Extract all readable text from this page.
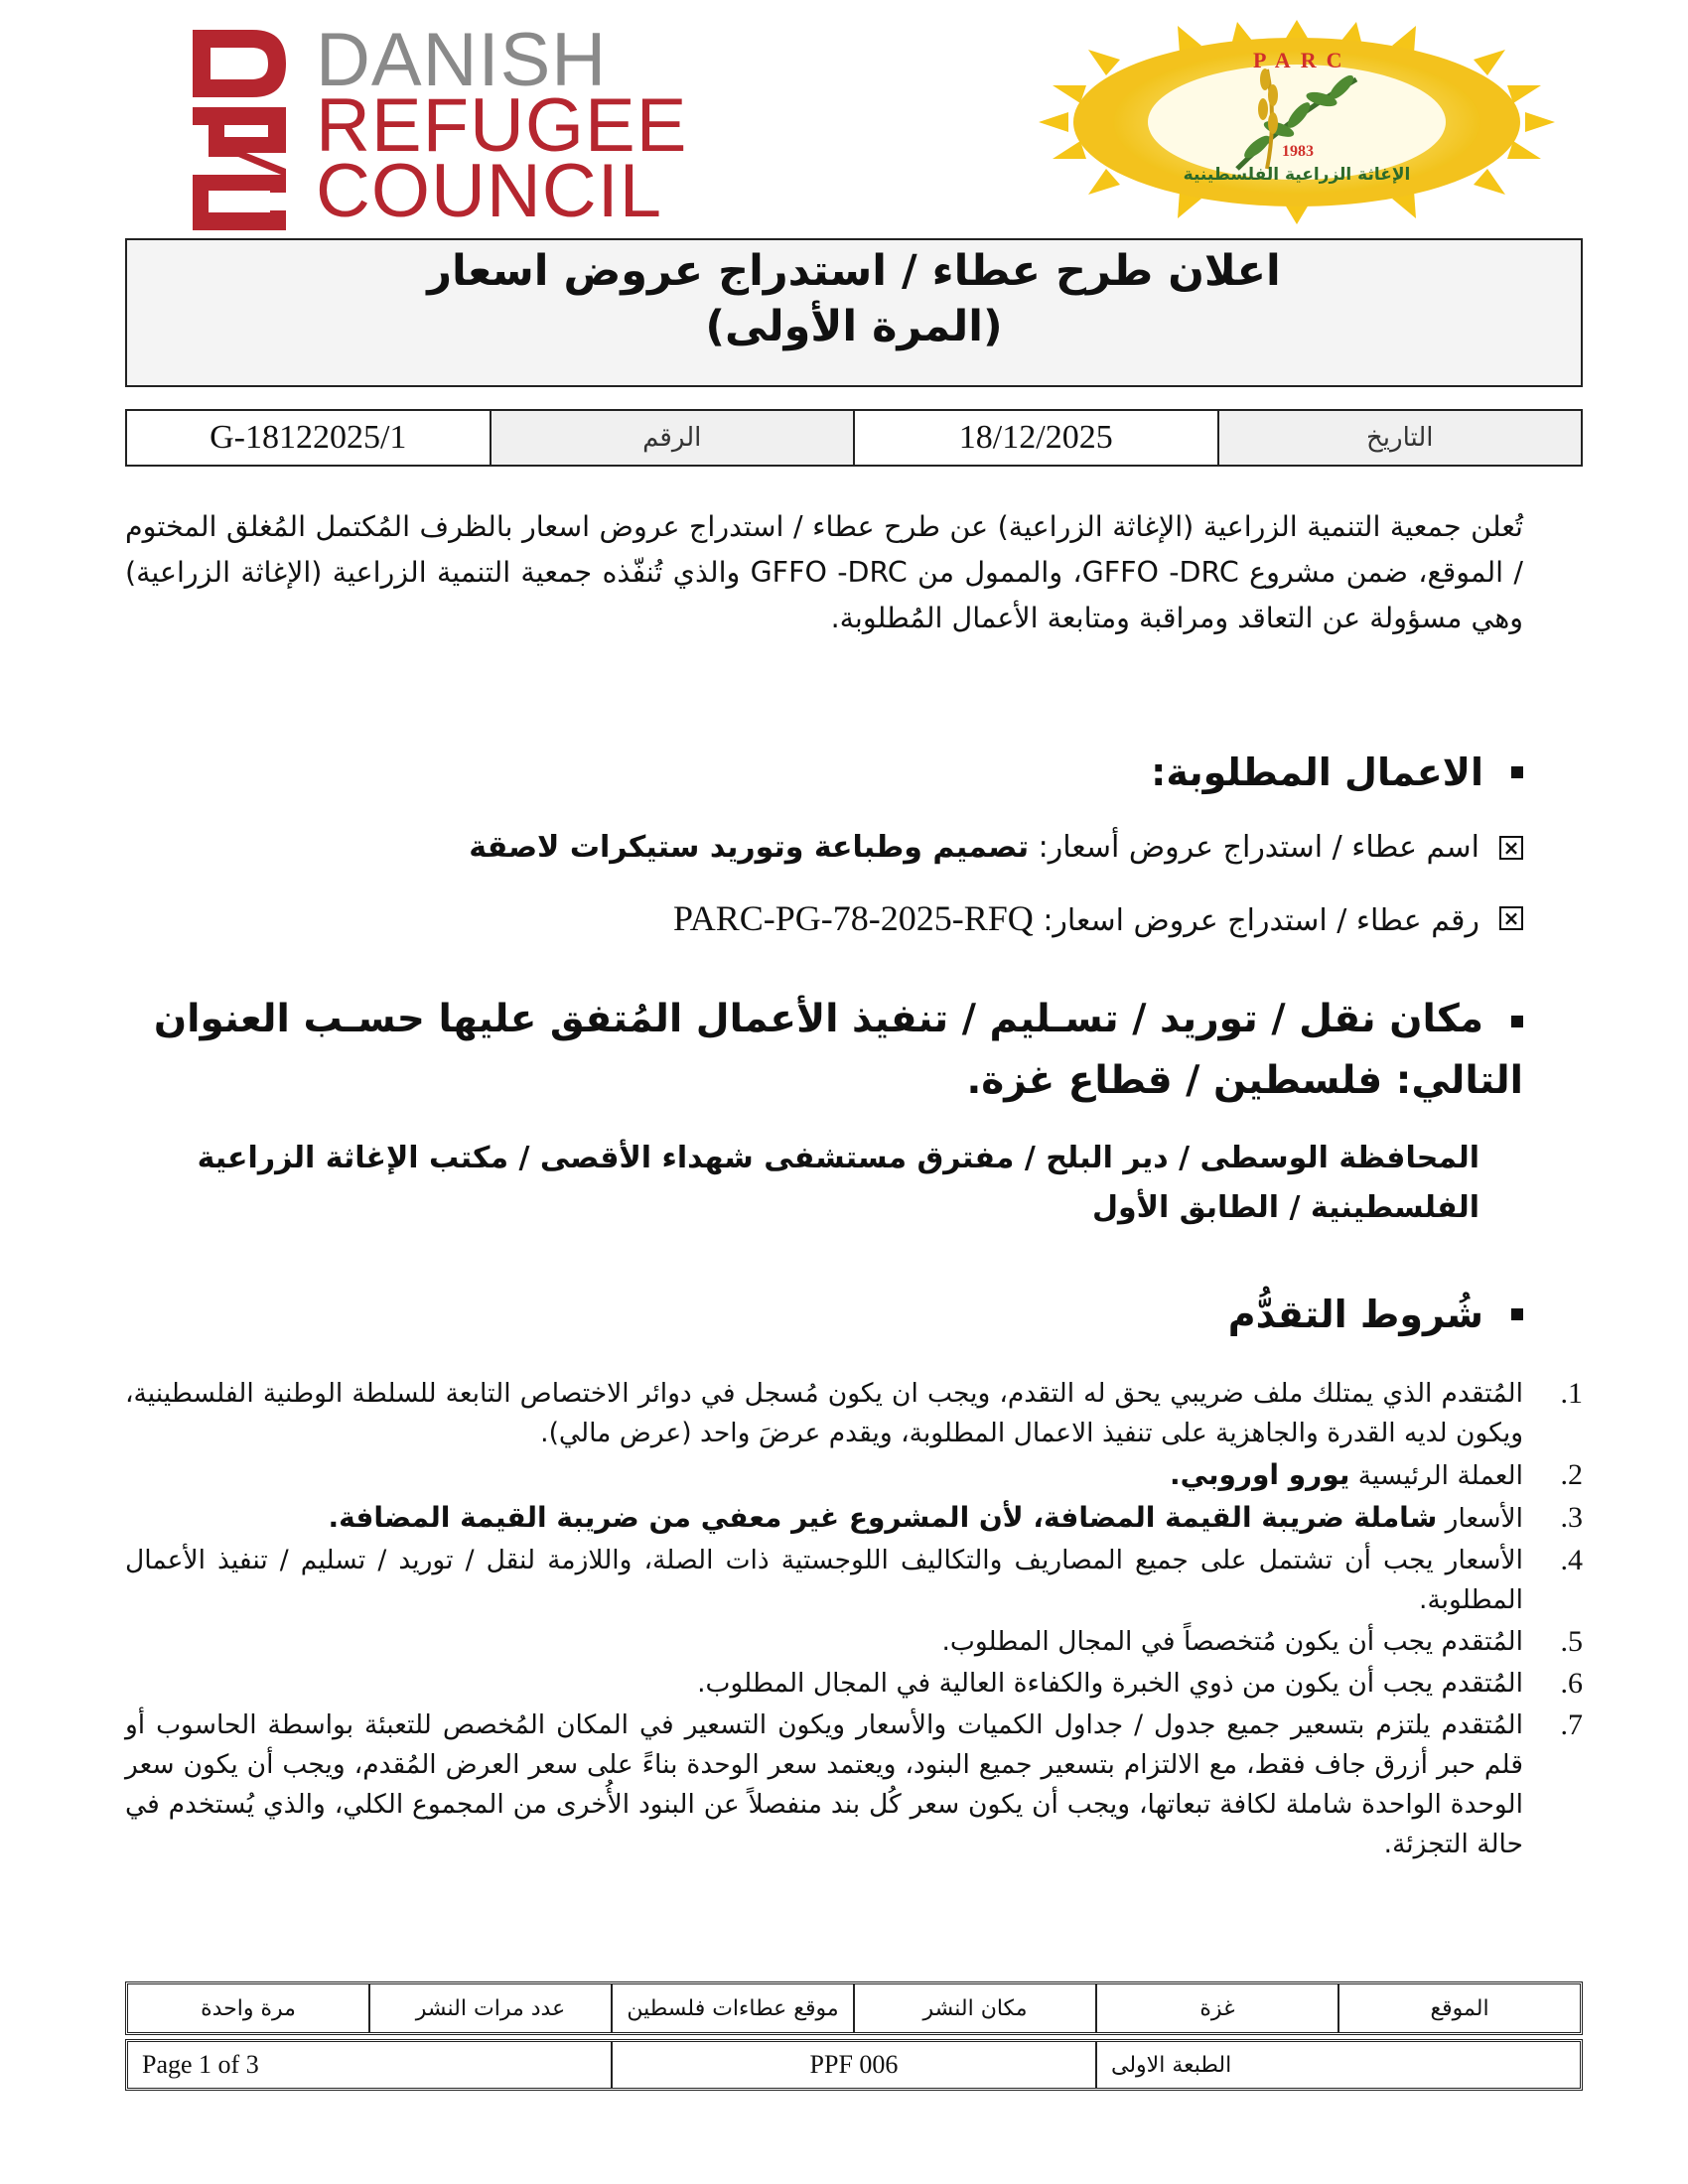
DANISH
REFUGEE
COUNCIL
PARC
الإغاثة الزراعية الفلسطينية
1983
اعلان طرح عطاء / استدراج عروض اسعار
(المرة الأولى)
التاريخ
18/12/2025
الرقم
G-18122025/1

تُعلن جمعية التنمية الزراعية (الإغاثة الزراعية) عن طرح عطاء / استدراج عروض اسعار بالظرف المُكتمل المُغلق المختوم / الموقع، ضمن مشروع GFFO -DRC، والممول من GFFO -DRC والذي تُنفّذه جمعية التنمية الزراعية (الإغاثة الزراعية) وهي مسؤولة عن التعاقد ومراقبة ومتابعة الأعمال المُطلوبة.

الاعمال المطلوبة:
×
اسم عطاء / استدراج عروض أسعار: تصميم وطباعة وتوريد ستيكرات لاصقة
×
رقم عطاء / استدراج عروض اسعار: PARC-PG-78-2025-RFQ
مكان نقل / توريد / تسـليم / تنفيذ الأعمال المُتفق عليها حسـب العنوان التالي: فلسطين / قطاع غزة.
المحافظة الوسطى / دير البلح / مفترق مستشفى شهداء الأقصى / مكتب الإغاثة الزراعية الفلسطينية / الطابق الأول
شُروط التقدُّم
1.
المُتقدم الذي يمتلك ملف ضريبي يحق له التقدم، ويجب ان يكون مُسجل في دوائر الاختصاص التابعة للسلطة الوطنية الفلسطينية، ويكون لديه القدرة والجاهزية على تنفيذ الاعمال المطلوبة، ويقدم عرضَ واحد (عرض مالي).
2.
العملة الرئيسية يورو اوروبي.
3.
الأسعار شاملة ضريبة القيمة المضافة، لأن المشروع غير معفي من ضريبة القيمة المضافة.
4.
الأسعار يجب أن تشتمل على جميع المصاريف والتكاليف اللوجستية ذات الصلة، واللازمة لنقل / توريد / تسليم / تنفيذ الأعمال المطلوبة.
5.
المُتقدم يجب أن يكون مُتخصصاً في المجال المطلوب.
6.
المُتقدم يجب أن يكون من ذوي الخبرة والكفاءة العالية في المجال المطلوب.
7.
المُتقدم يلتزم بتسعير جميع جدول / جداول الكميات والأسعار ويكون التسعير في المكان المُخصص للتعبئة بواسطة الحاسوب أو قلم حبر أزرق جاف فقط، مع الالتزام بتسعير جميع البنود، ويعتمد سعر الوحدة بناءً على سعر العرض المُقدم، ويجب أن يكون سعر الوحدة الواحدة شاملة لكافة تبعاتها، ويجب أن يكون سعر كُل بند منفصلاً عن البنود الأُخرى من المجموع الكلي، والذي يُستخدم في حالة التجزئة.
الموقع
غزة
مكان النشر
موقع عطاءات فلسطين
عدد مرات النشر
مرة واحدة
الطبعة الاولى
PPF 006
Page 1 of 3
